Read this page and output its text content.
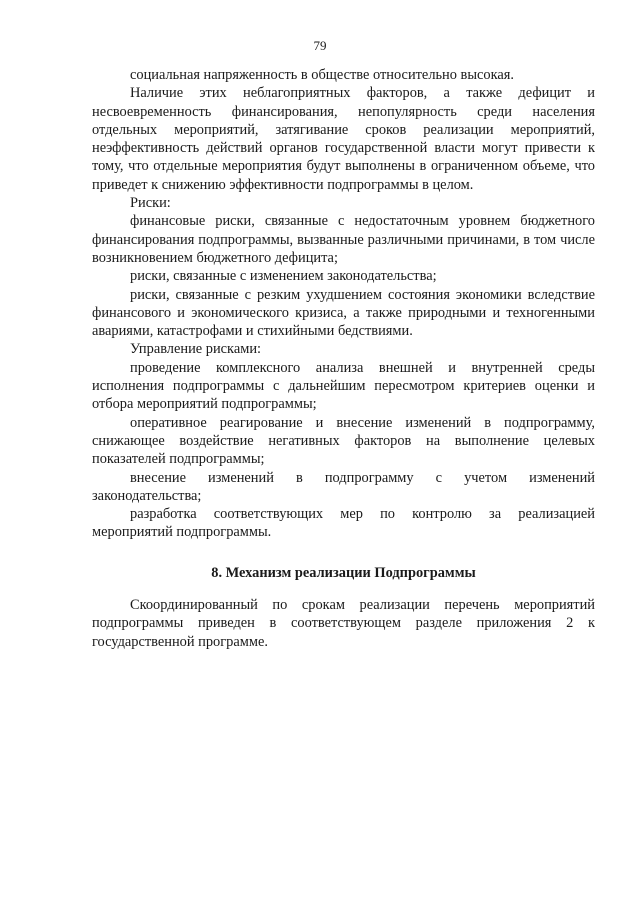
79

социальная напряженность в обществе относительно высокая.

Наличие этих неблагоприятных факторов, а также дефицит и несвоевременность финансирования, непопулярность среди населения отдельных мероприятий, затягивание сроков реализации мероприятий, неэффективность действий органов государственной власти могут привести к тому, что отдельные мероприятия будут выполнены в ограниченном объеме, что приведет к снижению эффективности подпрограммы в целом.

Риски:

финансовые риски, связанные с недостаточным уровнем бюджетного финансирования подпрограммы, вызванные различными причинами, в том числе возникновением бюджетного дефицита;

риски, связанные с изменением законодательства;

риски, связанные с резким ухудшением состояния экономики вследствие финансового и экономического кризиса, а также природными и техногенными авариями, катастрофами и стихийными бедствиями.

Управление рисками:

проведение комплексного анализа внешней и внутренней среды исполнения подпрограммы с дальнейшим пересмотром критериев оценки и отбора мероприятий подпрограммы;

оперативное реагирование и внесение изменений в подпрограмму, снижающее воздействие негативных факторов на выполнение целевых показателей подпрограммы;

внесение изменений в подпрограмму с учетом изменений законодательства;

разработка соответствующих мер по контролю за реализацией мероприятий подпрограммы.

8. Механизм реализации Подпрограммы

Скоординированный по срокам реализации перечень мероприятий подпрограммы приведен в соответствующем разделе приложения 2 к государственной программе.
